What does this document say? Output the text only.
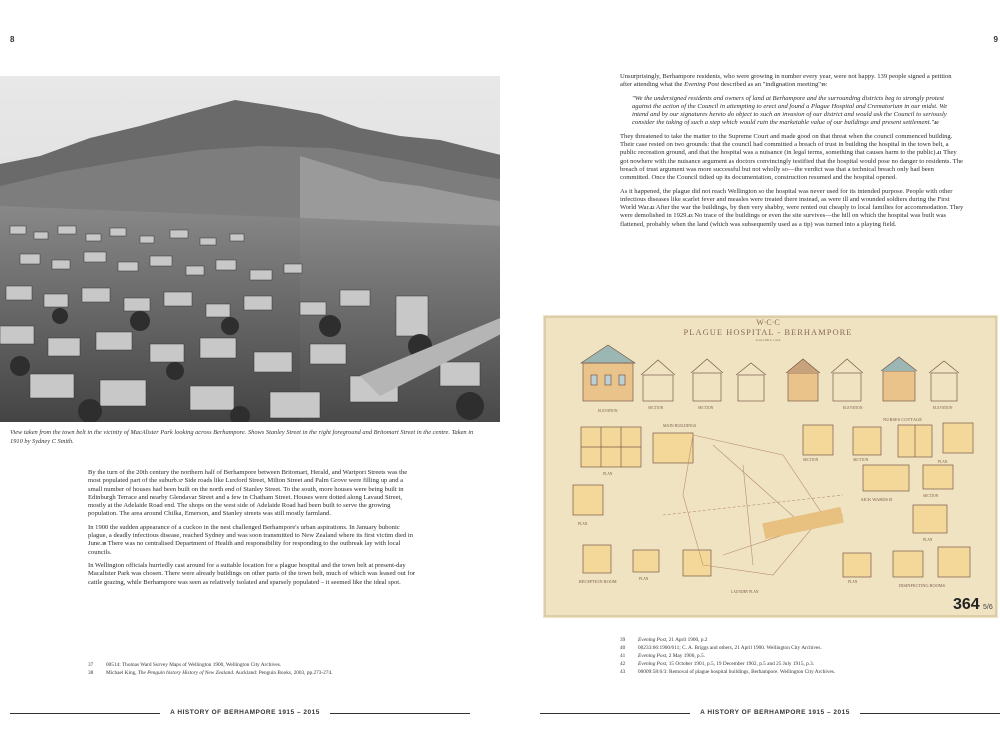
8
View taken from the town belt in the vicinity of MacAlister Park looking across Berhampore. Shows Stanley Street in the right foreground and Britomart Street in the centre. Taken in 1910 by Sydney C Smith.

By the turn of the 20th century the northern half of Berhampore between Britomart, Herald, and Waripori Streets was the most populated part of the suburb.$^{37}$ Side roads like Luxford Street, Milton Street and Palm Grove were filling up and a small number of houses had been built on the north end of Stanley Street. To the south, more houses were being built in Edinburgh Terrace and nearby Glendavar Street and a few in Chatham Street. Houses were dotted along Lavaud Street, mostly at the Adelaide Road end. The shops on the west side of Adelaide Road had been built to serve the growing population. The area around Chilka, Emerson, and Stanley streets was still mostly farmland.

In 1900 the sudden appearance of a cuckoo in the nest challenged Berhampore's urban aspirations. In January bubonic plague, a deadly infectious disease, reached Sydney and was soon transmitted to New Zealand where its first victim died in June.$^{38}$ There was no centralised Department of Health and responsibility for responding to the outbreak lay with local councils.

In Wellington officials hurriedly cast around for a suitable location for a plague hospital and the town belt at present-day Macalister Park was chosen. There were already buildings on other parts of the town belt, much of which was leased out for cattle grazing, while Berhampore was seen as relatively isolated and sparsely populated – it seemed like the ideal spot.

37	00514: Thomas Ward Survey Maps of Wellington 1900, Wellington City Archives.
38	Michael King, The Penguin history History of New Zealand. Auckland: Penguin Books, 2003, pp.273-274.
A HISTORY OF BERHAMPORE 1915 – 2015
9

Unsurprisingly, Berhampore residents, who were growing in number every year, were not happy. 139 people signed a petition after attending what the Evening Post described as an "indignation meeting"$^{39}$:

"We the undersigned residents and owners of land at Berhampore and the surrounding districts beg to strongly protest against the action of the Council in attempting to erect and found a Plague Hospital and Crematorium in our midst. We intend and by our signatures hereto do object to such an invasion of our district and would ask the Council to seriously consider the taking of such a step which would ruin the marketable value of our buildings and present settlement."$^{40}$

They threatened to take the matter to the Supreme Court and made good on that threat when the council commenced building. Their case rested on two grounds: that the council had committed a breach of trust in building the hospital in the town belt, a public recreation ground, and that the hospital was a nuisance (in legal terms, something that causes harm to the public).$^{41}$ They got nowhere with the nuisance argument as doctors convincingly testified that the hospital would pose no danger to residents. The breach of trust argument was more successful but not wholly so—the verdict was that a technical breach only had been committed. Once the Council tidied up its documentation, construction resumed and the hospital opened.

As it happened, the plague did not reach Wellington so the hospital was never used for its intended purpose. People with other infectious diseases like scarlet fever and measles were treated there instead, as were ill and wounded soldiers during the First World War.$^{42}$ After the war the buildings, by then very shabby, were rented out cheaply to local families for accommodation. They were demolished in 1929.43 No trace of the buildings or even the site survives—the hill on which the hospital was built was flattened, probably when the land (which was subsequently used as a tip) was turned into a playing field.

W·C·C
PLAGUE HOSPITAL - BERHAMPORE
Scale 1/8th to 1 inch
ELEVATION
SECTION	SECTION	ELEVATION	ELEVATION
NURSES COTTAGE
MAIN BUILDINGS
SECTION	SECTION
PLAN
PLAN
SECTION
SICK WARDS B
PLAN
PLAN
PLAN
RECEPTION ROOM
LAUNDRY PLAN
PLAN
DISINFECTING ROOMS
364 5/6
39	Evening Post, 21 April 1900, p.2
40	00233:66:1900/611; C. A. Briggs and others, 21 April 1900. Wellington City Archives.
41	Evening Post, 2 May 1900, p.5.
42	Evening Post, 15 October 1901, p.5, 19 December 1902, p.5 and 25 July 1915, p.3.
43	00009:58:6/3: Removal of plague hospital buildings, Berhampore. Wellington City Archives.
A HISTORY OF BERHAMPORE 1915 – 2015
